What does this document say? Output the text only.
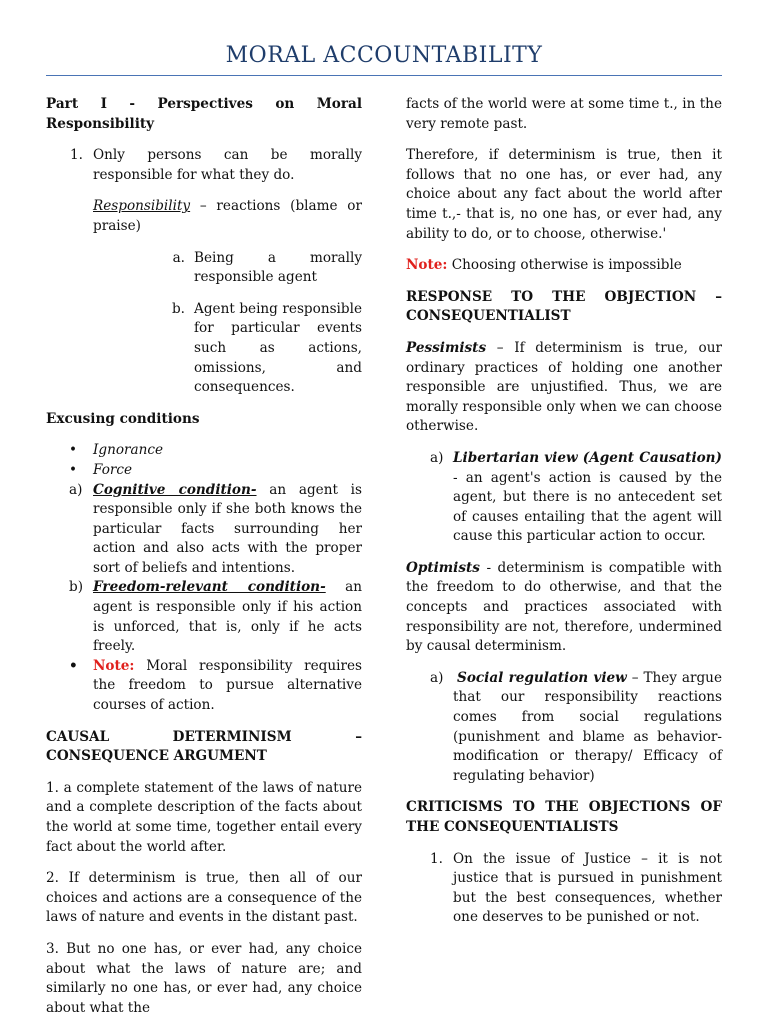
MORAL ACCOUNTABILITY

Part I - Perspectives on Moral Responsibility

1. Only persons can be morally responsible for what they do.

Responsibility – reactions (blame or praise)

a. Being a morally responsible agent
b. Agent being responsible for particular events such as actions, omissions, and consequences.

Excusing conditions

•	Ignorance
•	Force
a) Cognitive condition- an agent is responsible only if she both knows the particular facts surrounding her action and also acts with the proper sort of beliefs and intentions.
b) Freedom-relevant condition- an agent is responsible only if his action is unforced, that is, only if he acts freely.
•	Note: Moral responsibility requires the freedom to pursue alternative courses of action.

CAUSAL DETERMINISM – CONSEQUENCE ARGUMENT

1. a complete statement of the laws of nature and a complete description of the facts about the world at some time, together entail every fact about the world after.

2. If determinism is true, then all of our choices and actions are a consequence of the laws of nature and events in the distant past.

3. But no one has, or ever had, any choice about what the laws of nature are; and similarly no one has, or ever had, any choice about what the

facts of the world were at some time t., in the very remote past.

Therefore, if determinism is true, then it follows that no one has, or ever had, any choice about any fact about the world after time t.,- that is, no one has, or ever had, any ability to do, or to choose, otherwise.'

Note: Choosing otherwise is impossible

RESPONSE TO THE OBJECTION – CONSEQUENTIALIST

Pessimists – If determinism is true, our ordinary practices of holding one another responsible are unjustified. Thus, we are morally responsible only when we can choose otherwise.

a) Libertarian view (Agent Causation) - an agent's action is caused by the agent, but there is no antecedent set of causes entailing that the agent will cause this particular action to occur.

Optimists - determinism is compatible with the freedom to do otherwise, and that the concepts and practices associated with responsibility are not, therefore, undermined by causal determinism.

a) Social regulation view – They argue that our responsibility reactions comes from social regulations (punishment and blame as behavior-modification or therapy/ Efficacy of regulating behavior)

CRITICISMS TO THE OBJECTIONS OF THE CONSEQUENTIALISTS

1. On the issue of Justice – it is not justice that is pursued in punishment but the best consequences, whether one deserves to be punished or not.
